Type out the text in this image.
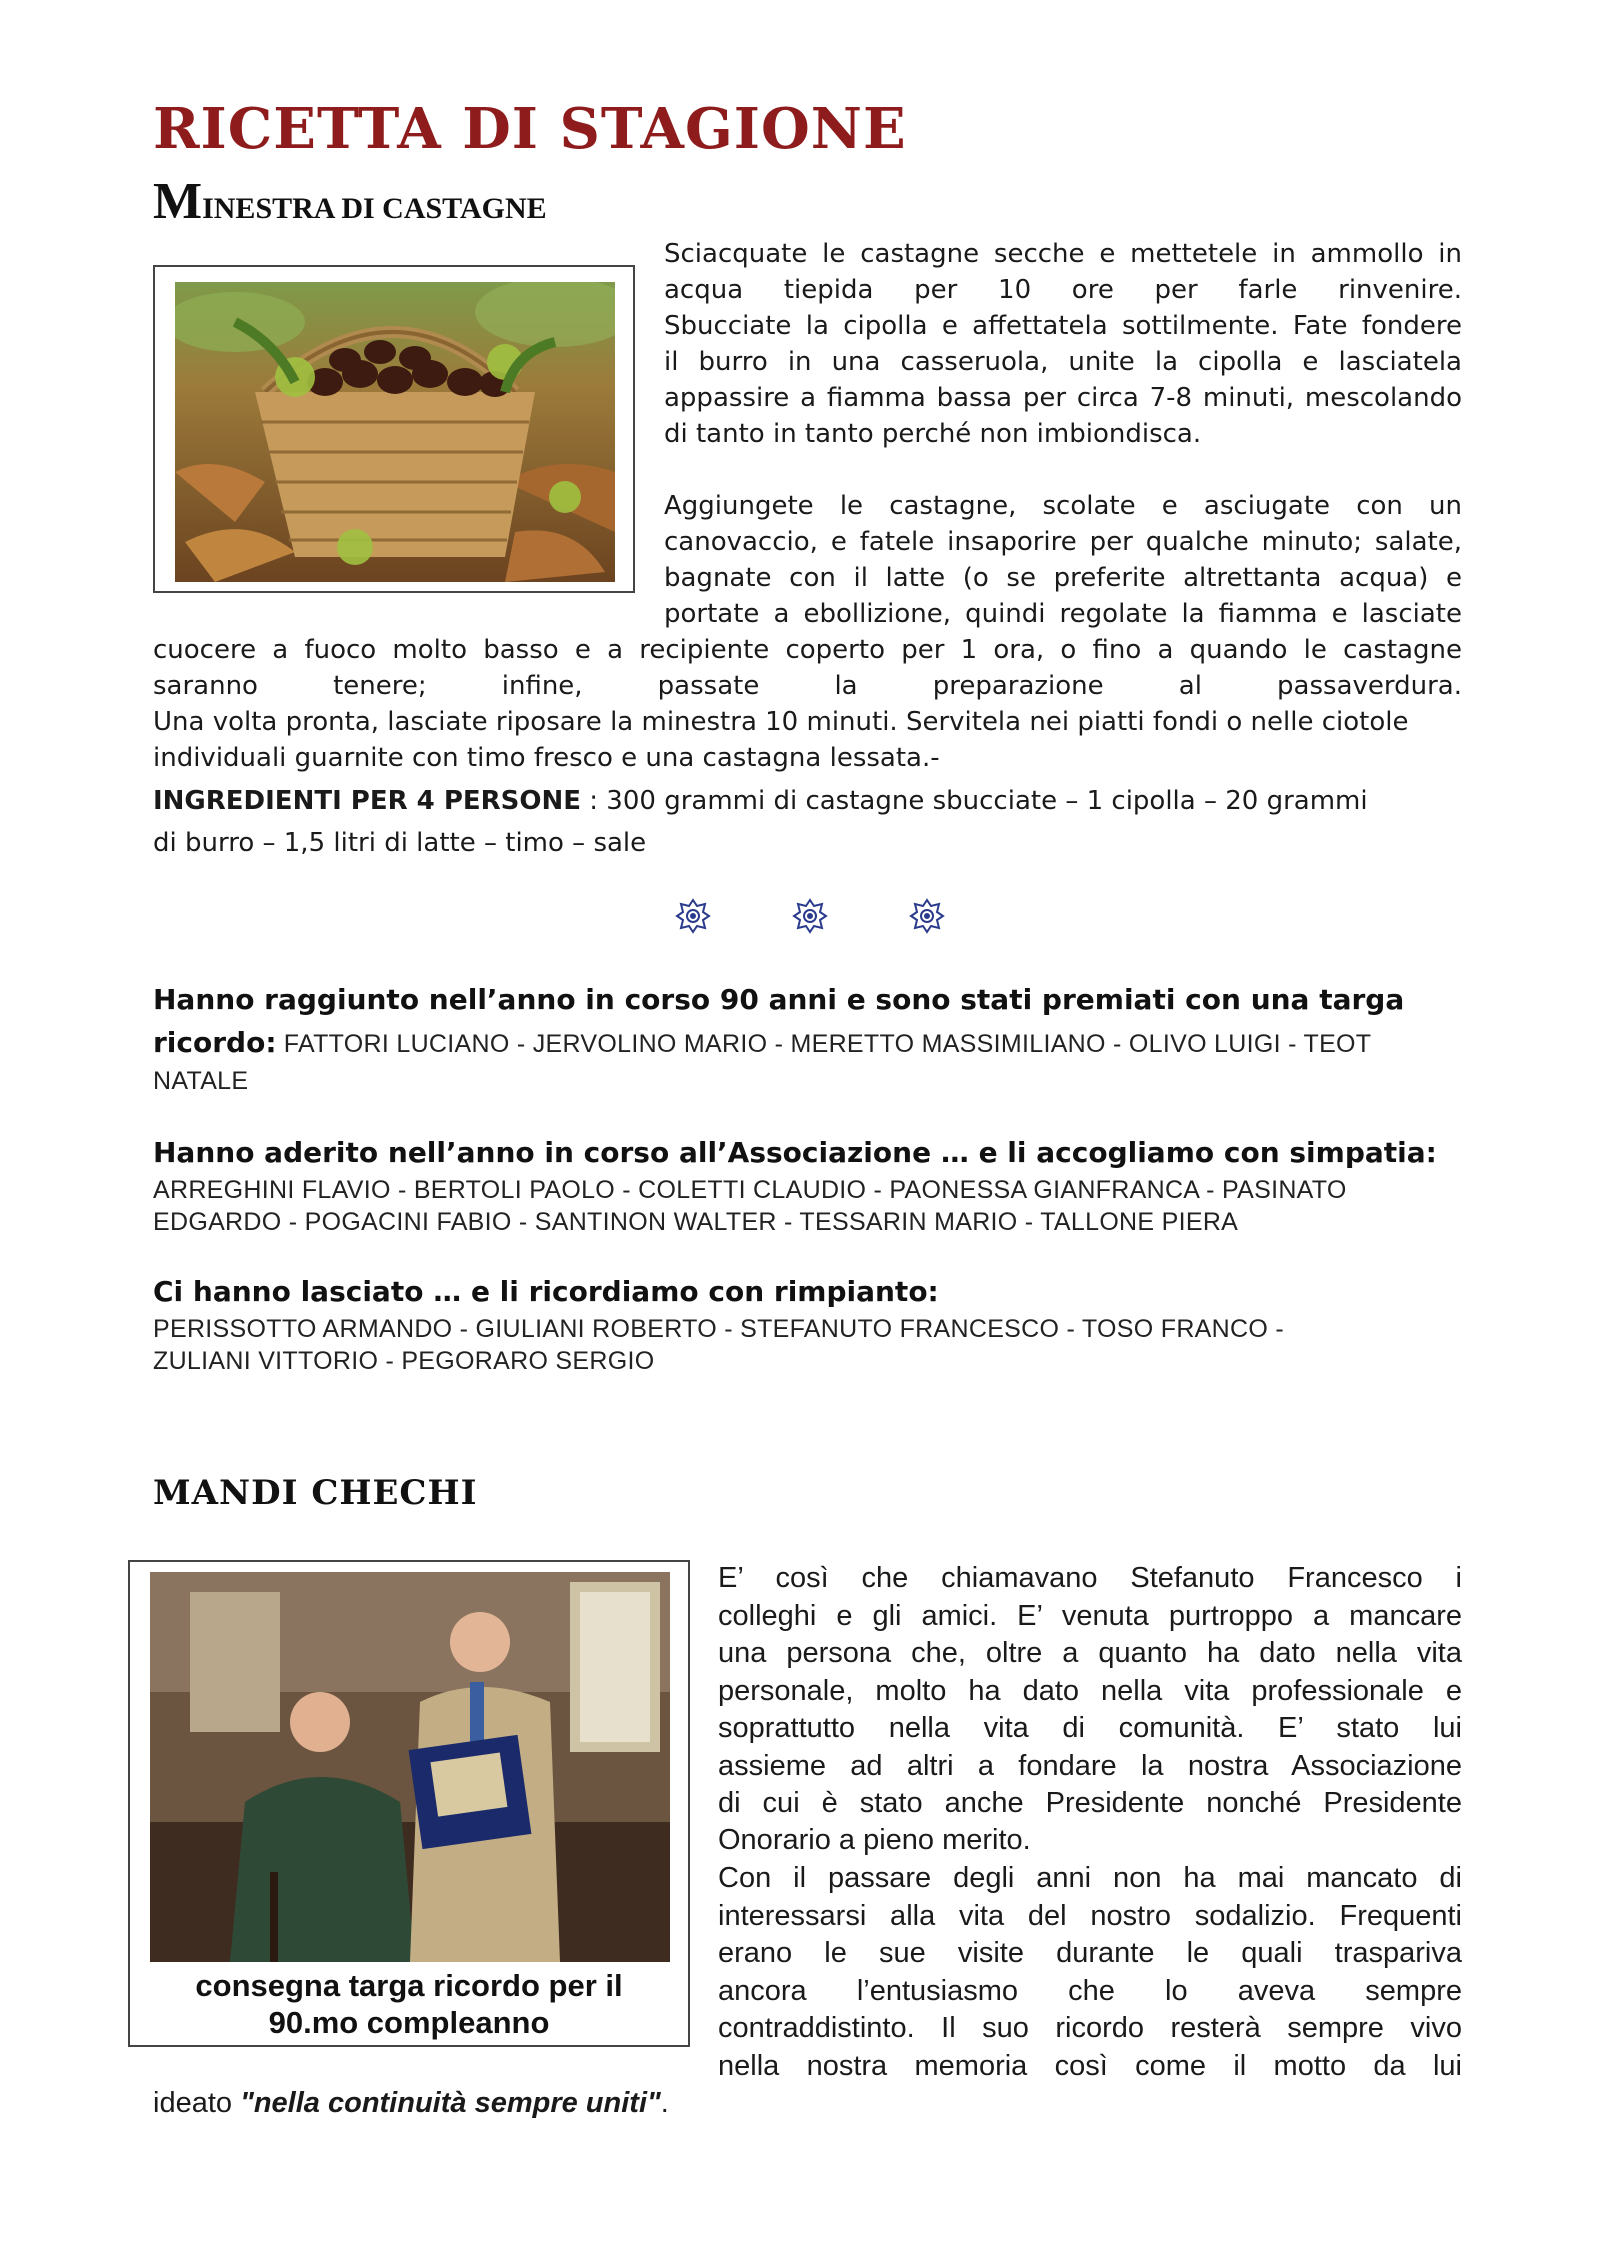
RICETTA DI STAGIONE
MINESTRA DI CASTAGNE
Sciacquate le castagne secche e mettetele in ammollo in
acqua tiepida per 10 ore per farle rinvenire.
Sbucciate la cipolla e affettatela sottilmente. Fate fondere
il burro in una casseruola, unite la cipolla e lasciatela
appassire a fiamma bassa per circa 7-8 minuti, mescolando
di tanto in tanto perché non imbiondisca.
Aggiungete le castagne, scolate e asciugate con un
canovaccio, e fatele insaporire per qualche minuto; salate,
bagnate con il latte (o se preferite altrettanta acqua) e
portate a ebollizione, quindi regolate la fiamma e lasciate
cuocere a fuoco molto basso e a recipiente coperto per 1 ora, o fino a quando le castagne
saranno tenere; infine, passate la preparazione al passaverdura.
Una volta pronta, lasciate riposare la minestra 10 minuti. Servitela nei piatti fondi o nelle ciotole
individuali guarnite con timo fresco e una castagna lessata.-
INGREDIENTI PER 4 PERSONE : 300 grammi di castagne sbucciate – 1 cipolla – 20 grammi
di burro – 1,5 litri di latte – timo – sale
Hanno raggiunto nell’anno in corso 90 anni e sono stati premiati con una targa
ricordo: FATTORI LUCIANO - JERVOLINO MARIO - MERETTO MASSIMILIANO - OLIVO LUIGI - TEOT
NATALE
Hanno aderito nell’anno in corso all’Associazione … e li accogliamo con simpatia:
ARREGHINI FLAVIO - BERTOLI PAOLO - COLETTI CLAUDIO - PAONESSA GIANFRANCA - PASINATO
EDGARDO - POGACINI FABIO - SANTINON WALTER - TESSARIN MARIO - TALLONE PIERA
Ci hanno lasciato … e li ricordiamo con rimpianto:
PERISSOTTO ARMANDO - GIULIANI ROBERTO - STEFANUTO FRANCESCO - TOSO FRANCO -
ZULIANI VITTORIO - PEGORARO SERGIO
MANDI CHECHI
consegna targa ricordo per il
90.mo compleanno
E’ così che chiamavano Stefanuto Francesco i
colleghi e gli amici. E’ venuta purtroppo a mancare
una persona che, oltre a quanto ha dato nella vita
personale, molto ha dato nella vita professionale e
soprattutto nella vita di comunità. E’ stato lui
assieme ad altri a fondare la nostra Associazione
di cui è stato anche Presidente nonché Presidente
Onorario a pieno merito.
Con il passare degli anni non ha mai mancato di
interessarsi alla vita del nostro sodalizio. Frequenti
erano le sue visite durante le quali traspariva
ancora l’entusiasmo che lo aveva sempre
contraddistinto. Il suo ricordo resterà sempre vivo
nella nostra memoria così come il motto da lui
ideato "nella continuità sempre uniti".
